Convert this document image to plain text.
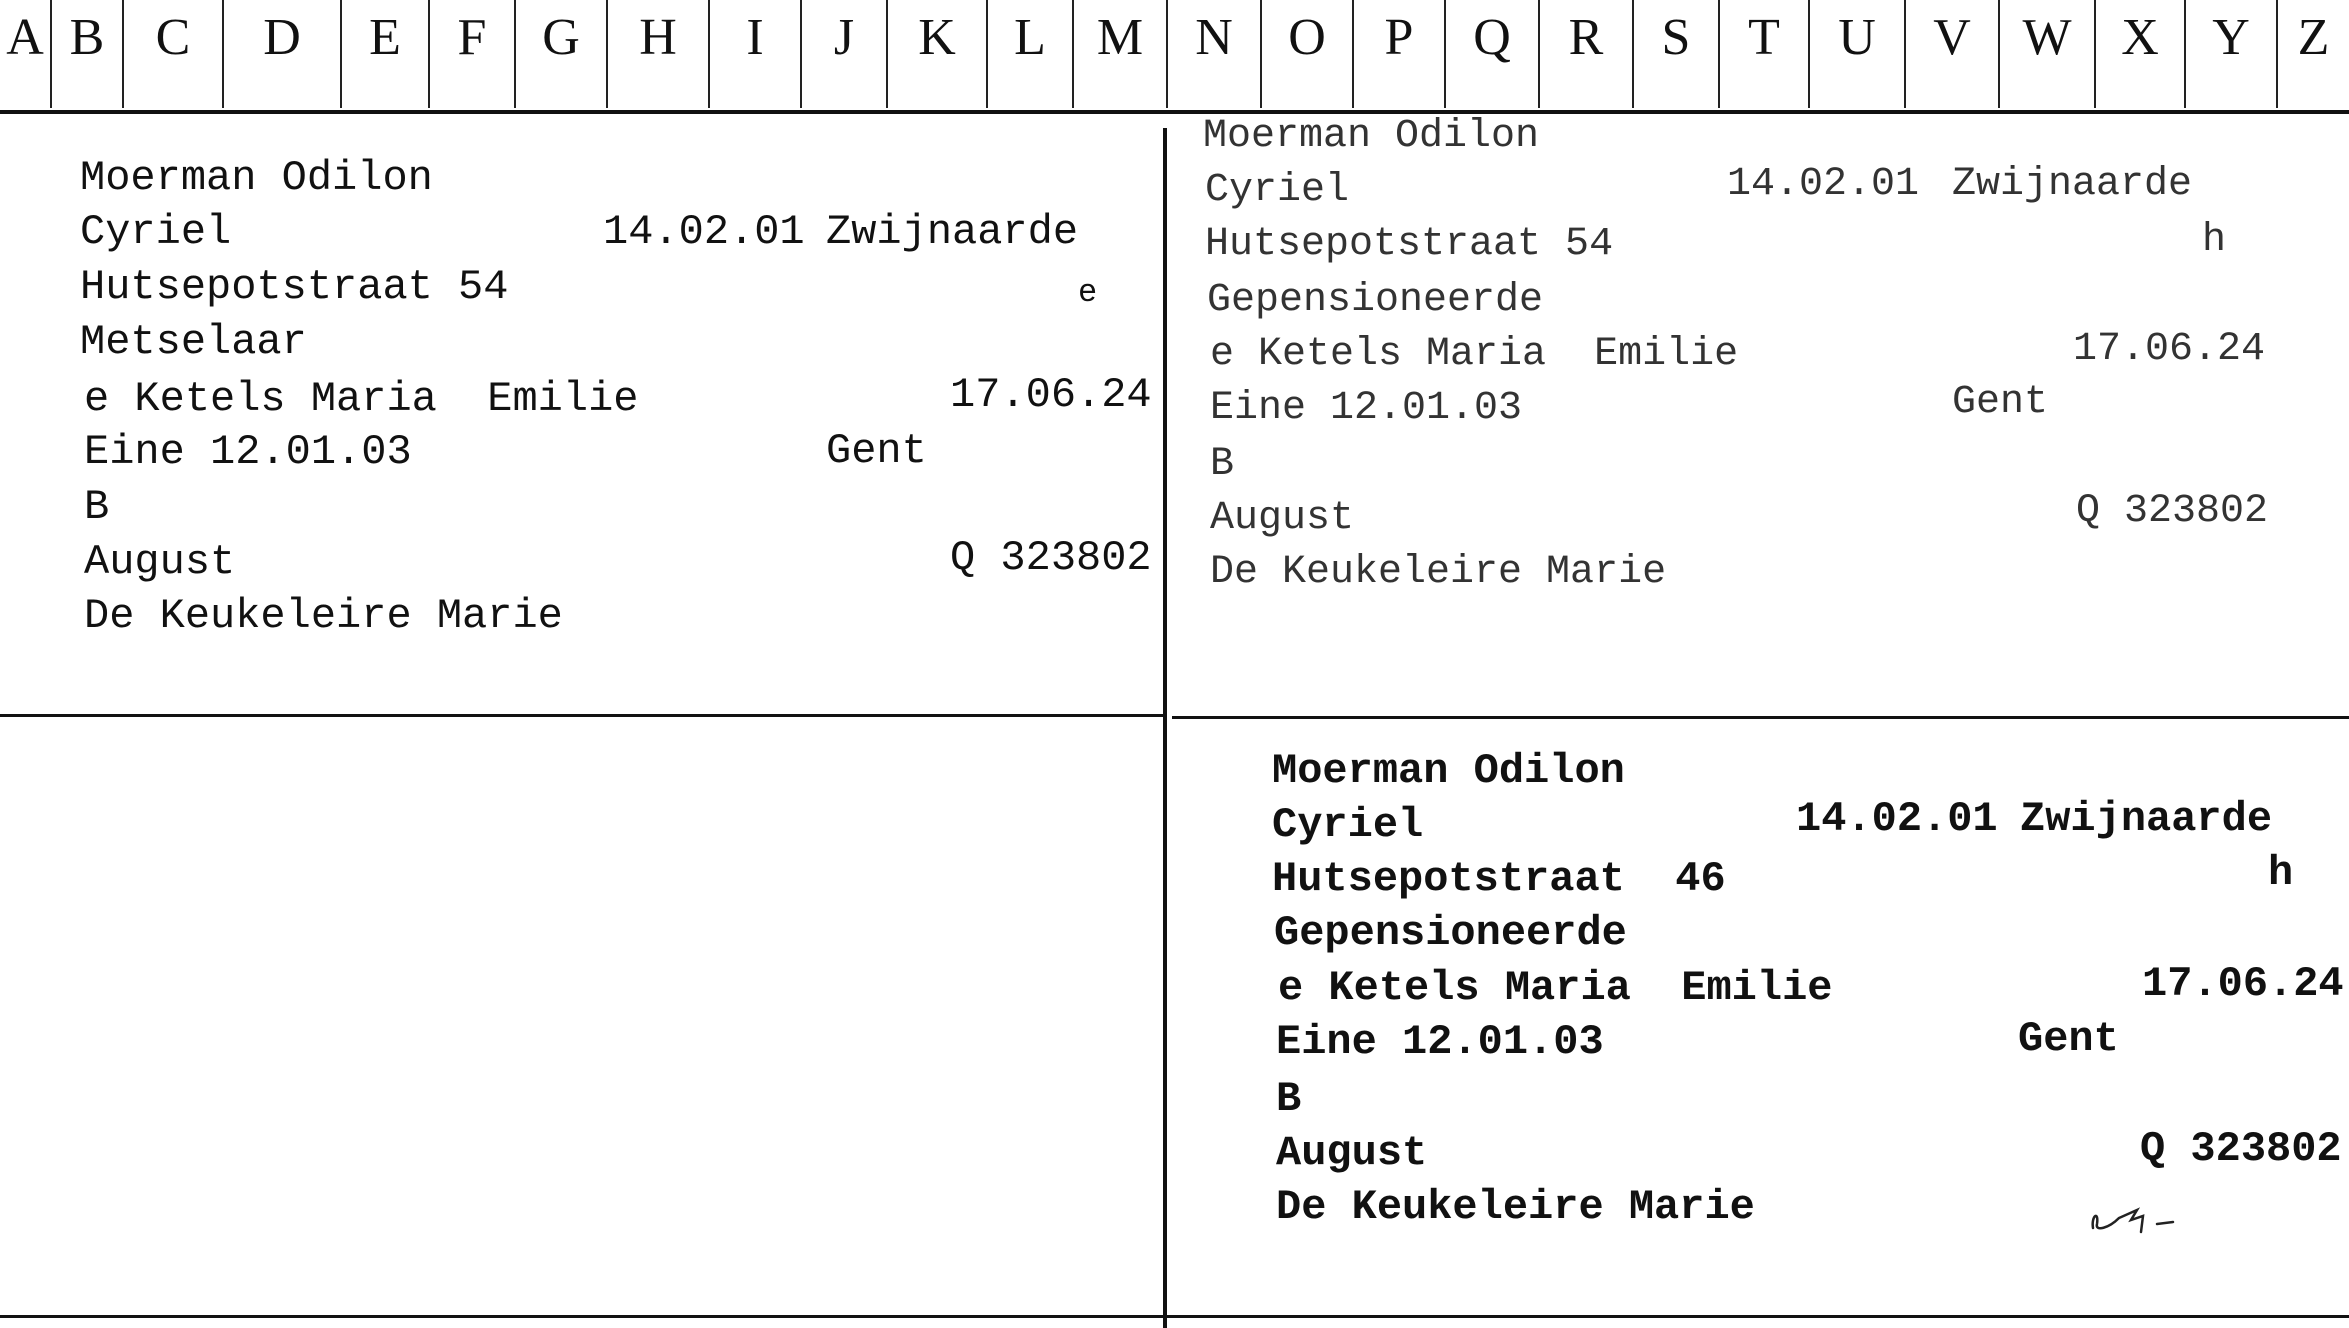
A B C	D	E	F	G	H	I	J	K	L M	N	O	P	Q	R	S	T	U	V W X	Y Z
Moerman Odilon
Cyriel	14.02.01 Zwijnaarde
Hutsepotstraat 54	e
Metselaar
e Ketels Maria  Emilie	17.06.24
Eine 12.01.03	Gent
B
August	Q 323802
De Keukeleire Marie
Moerman Odilon
Cyriel	14.02.01 Zwijnaarde
Hutsepotstraat 54	h
Gepensioneerde
e Ketels Maria  Emilie	17.06.24
Eine 12.01.03	Gent
B
August	Q 323802
De Keukeleire Marie
Moerman Odilon
Cyriel	14.02.01 Zwijnaarde
Hutsepotstraat  46	h
Gepensioneerde
e Ketels Maria  Emilie	17.06.24
Eine 12.01.03	Gent
B
August	Q 323802
De Keukeleire Marie
